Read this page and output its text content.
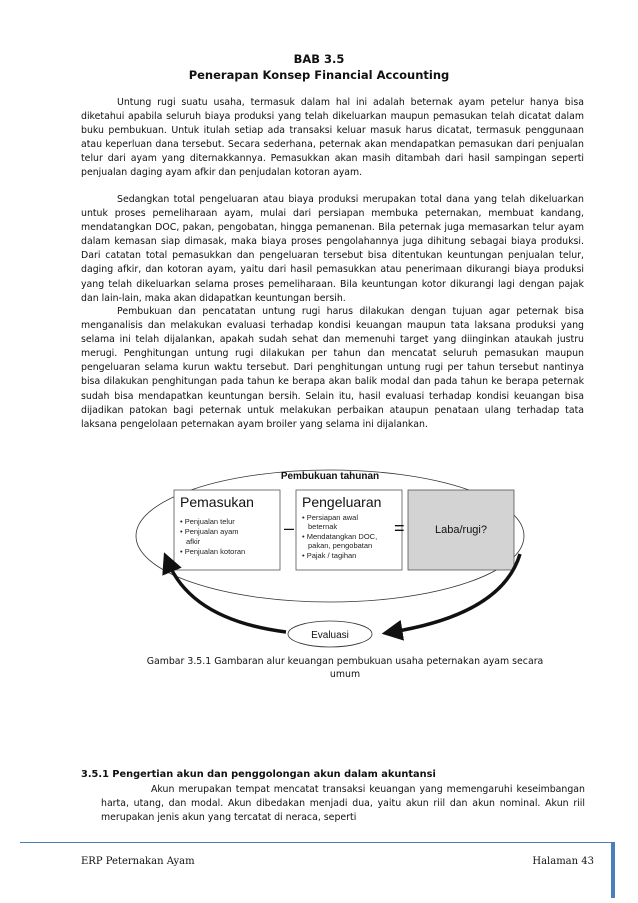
BAB 3.5
Penerapan Konsep Financial Accounting
Untung rugi suatu usaha, termasuk dalam hal ini adalah beternak ayam petelur hanya bisa diketahui apabila seluruh biaya produksi yang telah dikeluarkan maupun pemasukan telah dicatat dalam buku pembukuan. Untuk itulah setiap ada transaksi keluar masuk harus dicatat, termasuk penggunaan atau keperluan dana tersebut. Secara sederhana, peternak akan mendapatkan pemasukan dari penjualan telur dari ayam yang diternakkannya. Pemasukkan akan masih ditambah dari hasil sampingan seperti penjualan daging ayam afkir dan penjudalan kotoran ayam.
Sedangkan total pengeluaran atau biaya produksi merupakan total dana yang telah dikeluarkan untuk proses pemeliharaan ayam, mulai dari persiapan membuka peternakan, membuat kandang, mendatangkan DOC, pakan, pengobatan, hingga pemanenan. Bila peternak juga memasarkan telur ayam dalam kemasan siap dimasak, maka biaya proses pengolahannya juga dihitung sebagai biaya produksi. Dari catatan total pemasukkan dan pengeluaran tersebut bisa ditentukan keuntungan penjualan telur, daging afkir, dan kotoran ayam, yaitu dari hasil pemasukkan atau penerimaan dikurangi biaya produksi yang telah dikeluarkan selama proses pemeliharaan. Bila keuntungan kotor dikurangi lagi dengan pajak dan lain-lain, maka akan didapatkan keuntungan bersih.
Pembukuan dan pencatatan untung rugi harus dilakukan dengan tujuan agar peternak bisa menganalisis dan melakukan evaluasi terhadap kondisi keuangan maupun tata laksana produksi yang selama ini telah dijalankan, apakah sudah sehat dan memenuhi target yang diinginkan ataukah justru merugi. Penghitungan untung rugi dilakukan per tahun dan mencatat seluruh pemasukan maupun pengeluaran selama kurun waktu tersebut. Dari penghitungan untung rugi per tahun tersebut nantinya bisa dilakukan penghitungan pada tahun ke berapa akan balik modal dan pada tahun ke berapa peternak sudah bisa mendapatkan keuntungan bersih. Selain itu, hasil evaluasi terhadap kondisi keuangan bisa dijadikan patokan bagi peternak untuk melakukan perbaikan ataupun penataan ulang terhadap tata laksana pengelolaan peternakan ayam broiler yang selama ini dijalankan.
Pembukuan tahunan
Pemasukan
• Penjualan telur
• Penjualan ayam
afkir
• Penjualan kotoran
–
Pengeluaran
• Persiapan awal
beternak
• Mendatangkan DOC,
pakan, pengobatan
• Pajak / tagihan
=	Laba/rugi?
Evaluasi
Gambar 3.5.1 Gambaran alur keuangan pembukuan usaha peternakan ayam secara
umum
3.5.1 Pengertian akun dan penggolongan akun dalam akuntansi
Akun merupakan tempat mencatat transaksi keuangan yang memengaruhi keseimbangan harta, utang, dan modal. Akun dibedakan menjadi dua, yaitu akun riil dan akun nominal. Akun riil merupakan jenis akun yang tercatat di neraca, seperti
ERP Peternakan Ayam	Halaman 43
